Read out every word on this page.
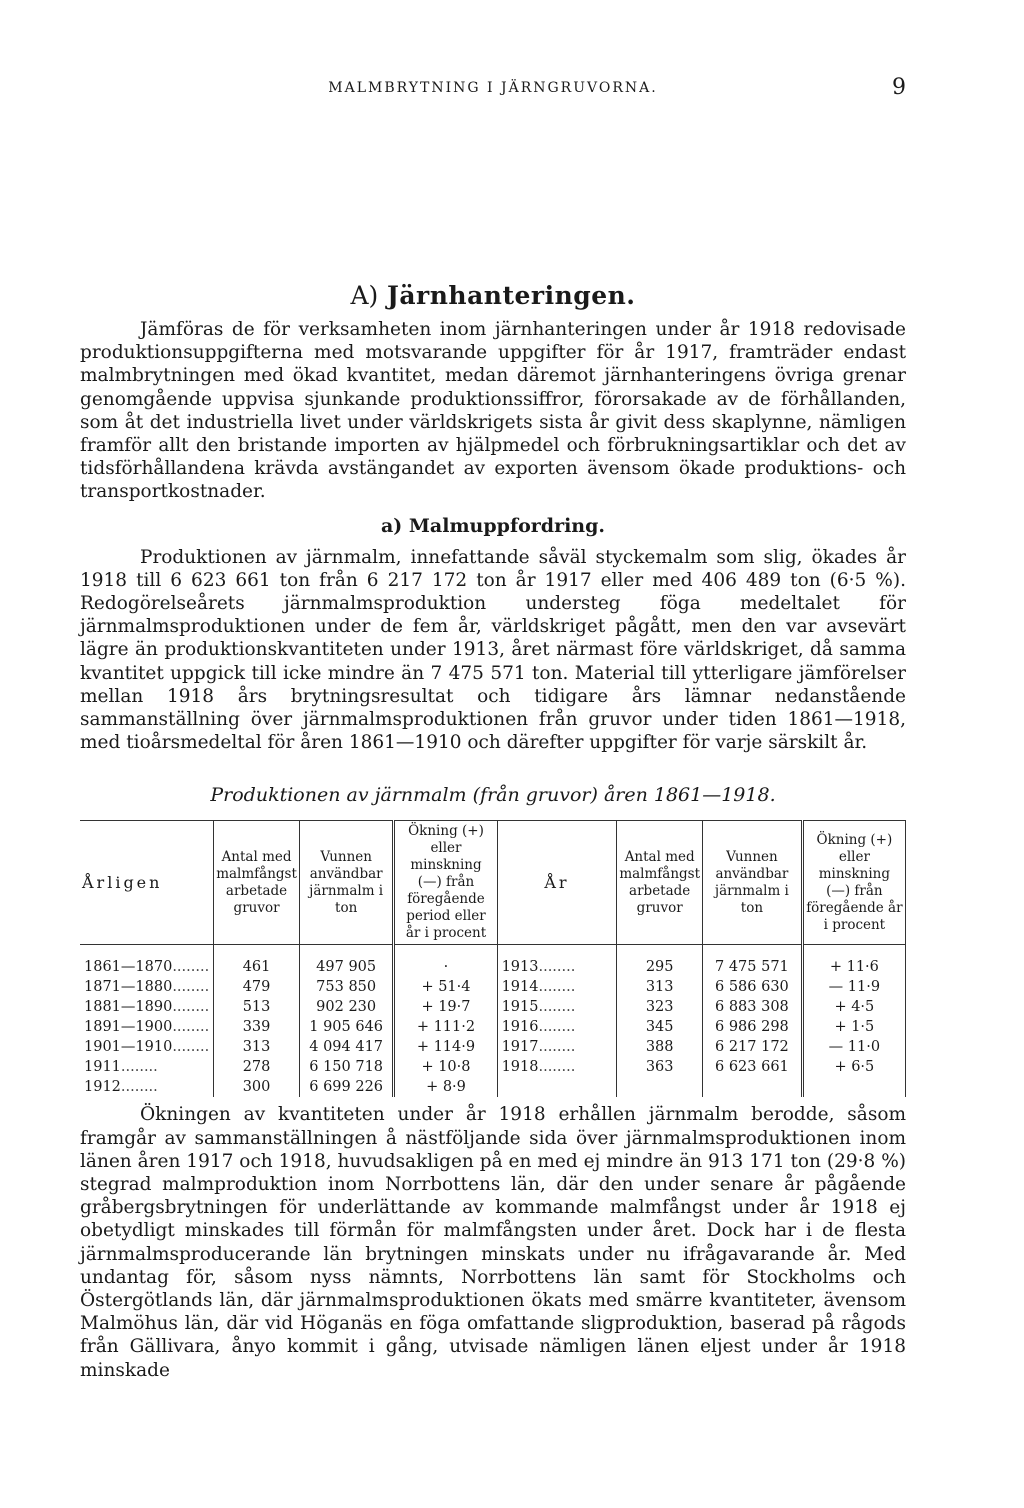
MALMBRYTNING I JÄRNGRUVORNA.	9
A) Järnhanteringen.

Jämföras de för verksamheten inom järnhanteringen under år 1918 redovisade produktionsuppgifterna med motsvarande uppgifter för år 1917, framträder endast malmbrytningen med ökad kvantitet, medan däremot järnhanteringens övriga grenar genomgående uppvisa sjunkande produktionssiffror, förorsakade av de förhållanden, som åt det industriella livet under världskrigets sista år givit dess skaplynne, nämligen framför allt den bristande importen av hjälpmedel och förbrukningsartiklar och det av tidsförhållandena krävda avstängandet av exporten ävensom ökade produktions- och transportkostnader.

a) Malmuppfordring.

Produktionen av järnmalm, innefattande såväl styckemalm som slig, ökades år 1918 till 6 623 661 ton från 6 217 172 ton år 1917 eller med 406 489 ton (6·5 %). Redogörelseårets järnmalmsproduktion understeg föga medeltalet för järnmalmsproduktionen under de fem år, världskriget pågått, men den var avsevärt lägre än produktionskvantiteten under 1913, året närmast före världskriget, då samma kvantitet uppgick till icke mindre än 7 475 571 ton. Material till ytterligare jämförelser mellan 1918 års brytningsresultat och tidigare års lämnar nedanstående sammanställning över järnmalmsproduktionen från gruvor under tiden 1861—1918, med tioårsmedeltal för åren 1861—1910 och därefter uppgifter för varje särskilt år.

Produktionen av järnmalm (från gruvor) åren 1861—1918.
Årligen	Antal med malmfångst arbetade gruvor	Vunnen användbar järnmalm i ton	Ökning (+) eller minskning (—) från föregående period eller år i procent	År	Antal med malmfångst arbetade gruvor	Vunnen användbar järnmalm i ton	Ökning (+) eller minskning (—) från föregående år i procent
1861—1870........	461	497 905	·	1913........	295	7 475 571	+ 11·6
1871—1880........	479	753 850	+ 51·4	1914........	313	6 586 630	— 11·9
1881—1890........	513	902 230	+ 19·7	1915........	323	6 883 308	+ 4·5
1891—1900........	339	1 905 646	+ 111·2	1916........	345	6 986 298	+ 1·5
1901—1910........	313	4 094 417	+ 114·9	1917........	388	6 217 172	— 11·0
1911........	278	6 150 718	+ 10·8	1918........	363	6 623 661	+ 6·5
1912........	300	6 699 226	+ 8·9				

Ökningen av kvantiteten under år 1918 erhållen järnmalm berodde, såsom framgår av sammanställningen å nästföljande sida över järnmalmsproduktionen inom länen åren 1917 och 1918, huvudsakligen på en med ej mindre än 913 171 ton (29·8 %) stegrad malmproduktion inom Norrbottens län, där den under senare år pågående gråbergsbrytningen för underlättande av kommande malmfångst under år 1918 ej obetydligt minskades till förmån för malmfångsten under året. Dock har i de flesta järnmalmsproducerande län brytningen minskats under nu ifrågavarande år. Med undantag för, såsom nyss nämnts, Norrbottens län samt för Stockholms och Östergötlands län, där järnmalmsproduktionen ökats med smärre kvantiteter, ävensom Malmöhus län, där vid Höganäs en föga omfattande sligproduktion, baserad på rågods från Gällivara, ånyo kommit i gång, utvisade nämligen länen eljest under år 1918 minskade
